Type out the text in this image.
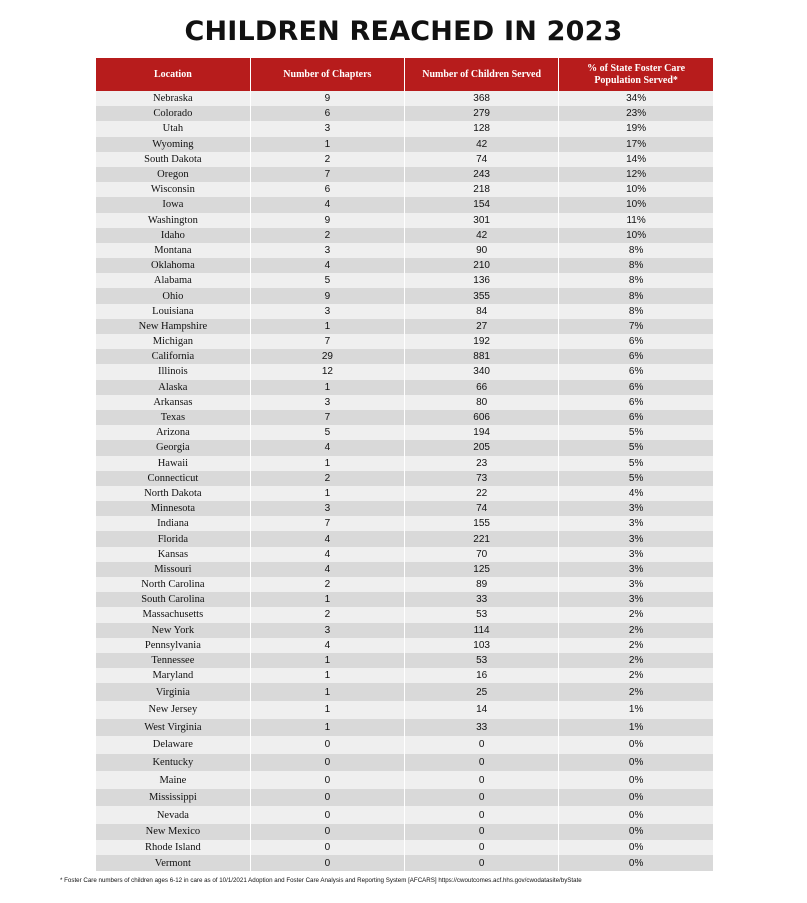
CHILDREN REACHED IN 2023
Location	Number of Chapters	Number of Children Served	% of State Foster Care Population Served*
Nebraska	9	368	34%
Colorado	6	279	23%
Utah	3	128	19%
Wyoming	1	42	17%
South Dakota	2	74	14%
Oregon	7	243	12%
Wisconsin	6	218	10%
Iowa	4	154	10%
Washington	9	301	11%
Idaho	2	42	10%
Montana	3	90	8%
Oklahoma	4	210	8%
Alabama	5	136	8%
Ohio	9	355	8%
Louisiana	3	84	8%
New Hampshire	1	27	7%
Michigan	7	192	6%
California	29	881	6%
Illinois	12	340	6%
Alaska	1	66	6%
Arkansas	3	80	6%
Texas	7	606	6%
Arizona	5	194	5%
Georgia	4	205	5%
Hawaii	1	23	5%
Connecticut	2	73	5%
North Dakota	1	22	4%
Minnesota	3	74	3%
Indiana	7	155	3%
Florida	4	221	3%
Kansas	4	70	3%
Missouri	4	125	3%
North Carolina	2	89	3%
South Carolina	1	33	3%
Massachusetts	2	53	2%
New York	3	114	2%
Pennsylvania	4	103	2%
Tennessee	1	53	2%
Maryland	1	16	2%
Virginia	1	25	2%
New Jersey	1	14	1%
West Virginia	1	33	1%
Delaware	0	0	0%
Kentucky	0	0	0%
Maine	0	0	0%
Mississippi	0	0	0%
Nevada	0	0	0%
New Mexico	0	0	0%
Rhode Island	0	0	0%
Vermont	0	0	0%
* Foster Care numbers of children ages 6-12 in care as of 10/1/2021 Adoption and Foster Care Analysis and Reporting System [AFCARS] https://cwoutcomes.acf.hhs.gov/cwodatasite/byState
